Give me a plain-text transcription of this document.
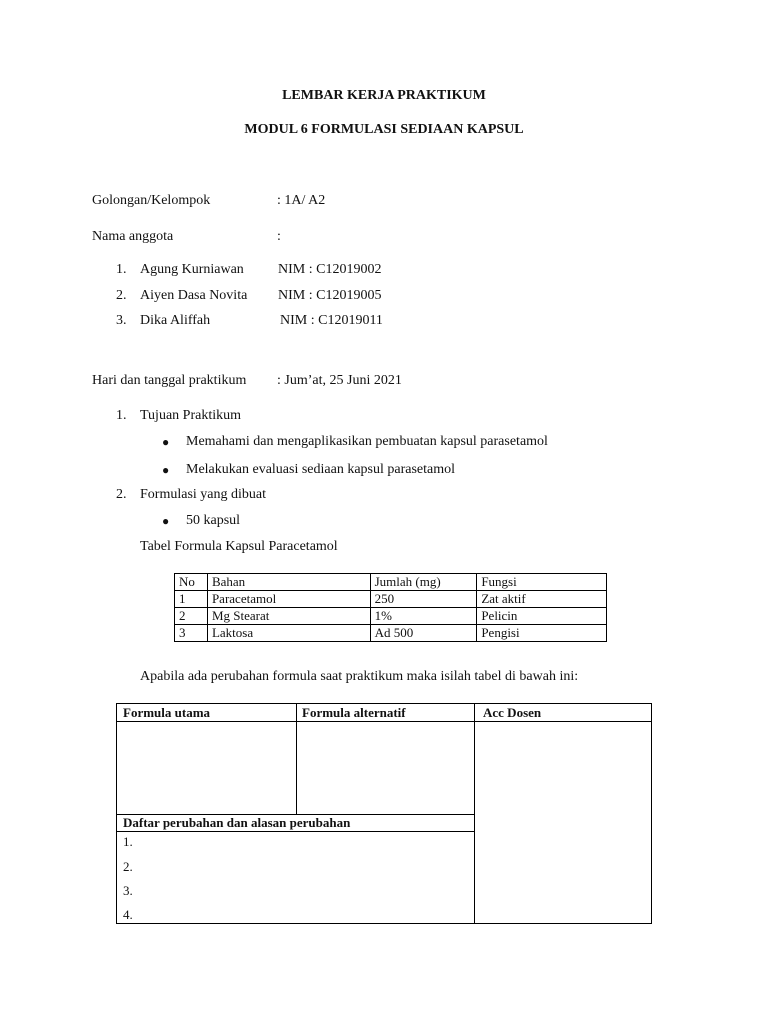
LEMBAR KERJA PRAKTIKUM
MODUL 6 FORMULASI SEDIAAN KAPSUL
Golongan/Kelompok	: 1A/ A2
Nama anggota	:
1. Agung Kurniawan NIM : C12019002
2. Aiyen Dasa Novita NIM : C12019005
3. Dika Aliffah	NIM : C12019011
Hari dan tanggal praktikum : Jum’at, 25 Juni 2021
1. Tujuan Praktikum
● Memahami dan mengaplikasikan pembuatan kapsul parasetamol
● Melakukan evaluasi sediaan kapsul parasetamol
2. Formulasi yang dibuat
● 50 kapsul
Tabel Formula Kapsul Paracetamol
No	Bahan	Jumlah (mg)	Fungsi
1	Paracetamol	250	Zat aktif
2	Mg Stearat	1%	Pelicin
3	Laktosa	Ad 500	Pengisi
Apabila ada perubahan formula saat praktikum maka isilah tabel di bawah ini:
Formula utama	Formula alternatif	Acc Dosen
Daftar perubahan dan alasan perubahan
1.
2.
3.
4.
